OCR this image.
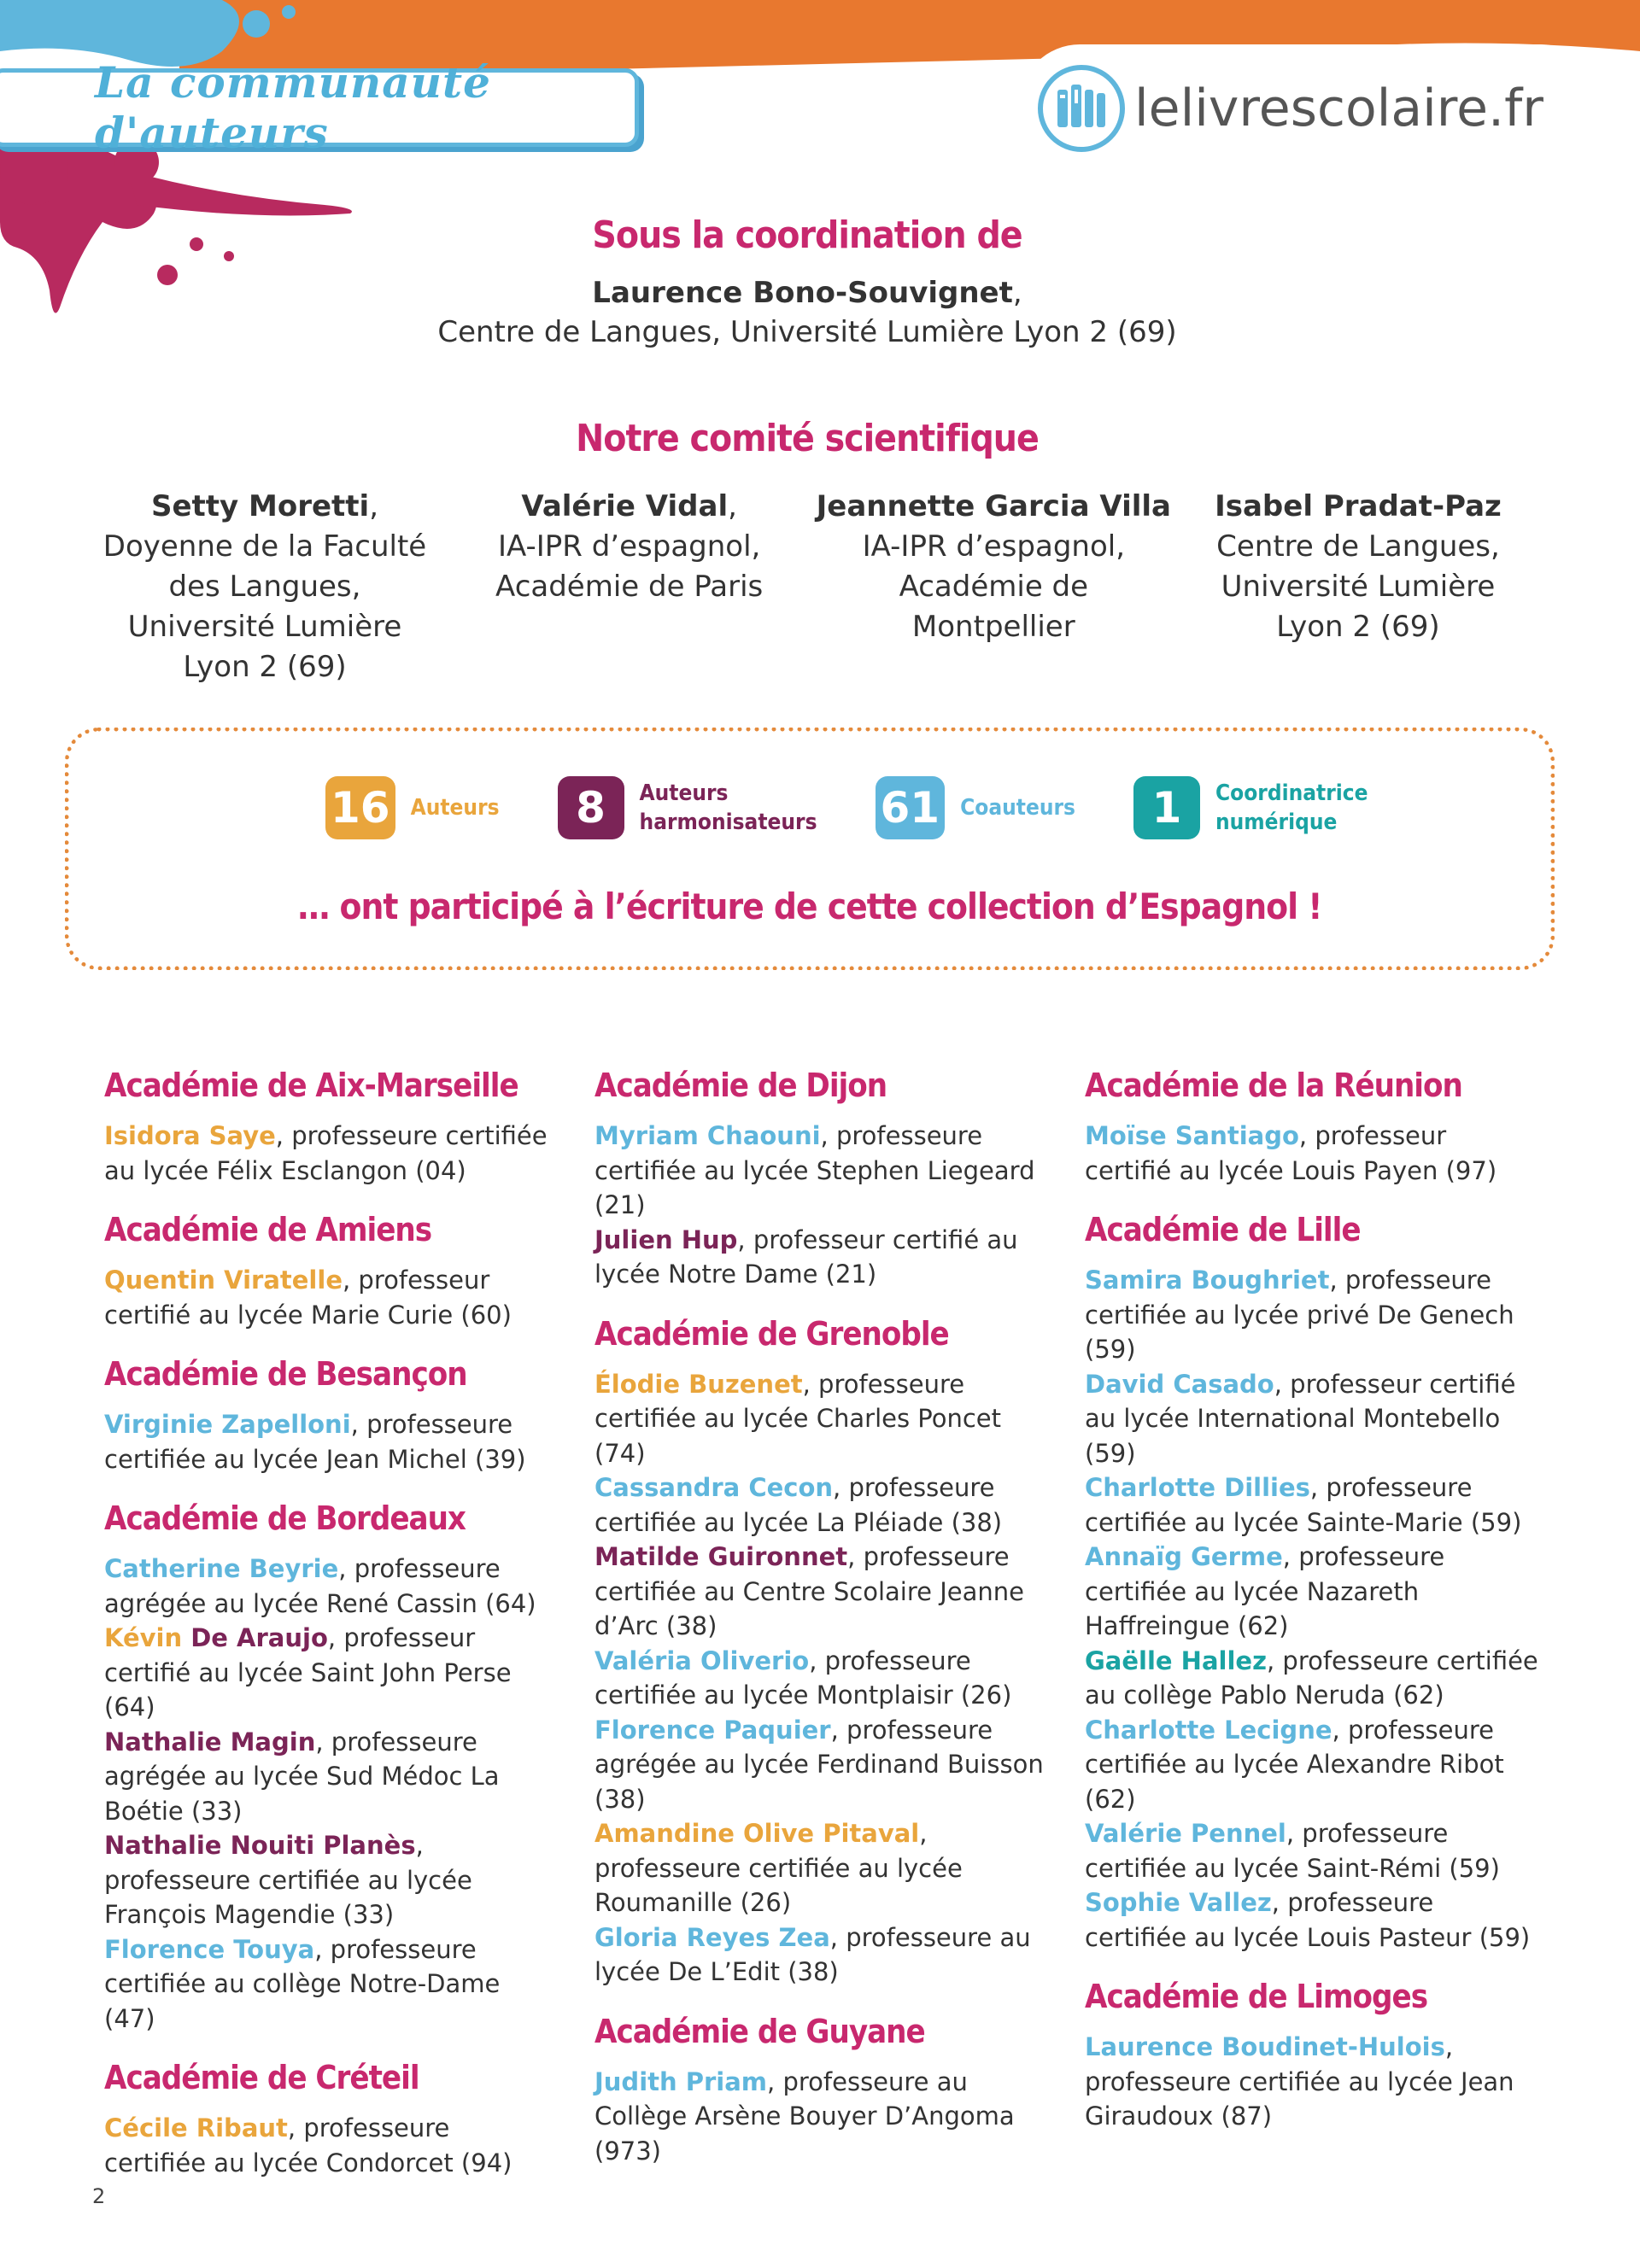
La communauté d'auteurs	lelivrescolaire.fr
Sous la coordination de
Laurence Bono-Souvignet,
Centre de Langues, Université Lumière Lyon 2 (69)
Notre comité scientifique
Setty Moretti,
Doyenne de la Faculté
des Langues,
Université Lumière
Lyon 2 (69)
Valérie Vidal,
IA-IPR d’espagnol,
Académie de Paris
Jeannette Garcia Villa
IA-IPR d’espagnol,
Académie de
Montpellier
Isabel Pradat-Paz
Centre de Langues,
Université Lumière
Lyon 2 (69)
16 Auteurs	8	Auteurs
harmonisateurs 61 Coauteurs	1	Coordinatrice
numérique
… ont participé à l’écriture de cette collection d’Espagnol !
Académie de Aix-Marseille
Isidora Saye, professeure certifiée au lycée Félix Esclangon (04)
Académie de Amiens
Quentin Viratelle, professeur certifié au lycée Marie Curie (60)
Académie de Besançon
Virginie Zapelloni, professeure certifiée au lycée Jean Michel (39)
Académie de Bordeaux
Catherine Beyrie, professeure agrégée au lycée René Cassin (64)
Kévin De Araujo, professeur certifié au lycée Saint John Perse (64)
Nathalie Magin, professeure agrégée au lycée Sud Médoc La Boétie (33)
Nathalie Nouiti Planès, professeure certifiée au lycée François Magendie (33)
Florence Touya, professeure certifiée au collège Notre-Dame (47)
Académie de Créteil
Cécile Ribaut, professeure certifiée au lycée Condorcet (94)
Académie de Dijon
Myriam Chaouni, professeure certifiée au lycée Stephen Liegeard (21)
Julien Hup, professeur certifié au lycée Notre Dame (21)
Académie de Grenoble
Élodie Buzenet, professeure certifiée au lycée Charles Poncet (74)
Cassandra Cecon, professeure certifiée au lycée La Pléiade (38)
Matilde Guironnet, professeure certifiée au Centre Scolaire Jeanne d’Arc (38)
Valéria Oliverio, professeure certifiée au lycée Montplaisir (26)
Florence Paquier, professeure agrégée au lycée Ferdinand Buisson (38)
Amandine Olive Pitaval, professeure certifiée au lycée Roumanille (26)
Gloria Reyes Zea, professeure au lycée De L’Edit (38)
Académie de Guyane
Judith Priam, professeure au Collège Arsène Bouyer D’Angoma (973)
Académie de la Réunion
Moïse Santiago, professeur certifié au lycée Louis Payen (97)
Académie de Lille
Samira Boughriet, professeure certifiée au lycée privé De Genech (59)
David Casado, professeur certifié au lycée International Montebello (59)
Charlotte Dillies, professeure certifiée au lycée Sainte-Marie (59)
Annaïg Germe, professeure certifiée au lycée Nazareth Haffreingue (62)
Gaëlle Hallez, professeure certifiée au collège Pablo Neruda (62)
Charlotte Lecigne, professeure certifiée au lycée Alexandre Ribot (62)
Valérie Pennel, professeure certifiée au lycée Saint-Rémi (59)
Sophie Vallez, professeure certifiée au lycée Louis Pasteur (59)
Académie de Limoges
Laurence Boudinet-Hulois, professeure certifiée au lycée Jean Giraudoux (87)
2
